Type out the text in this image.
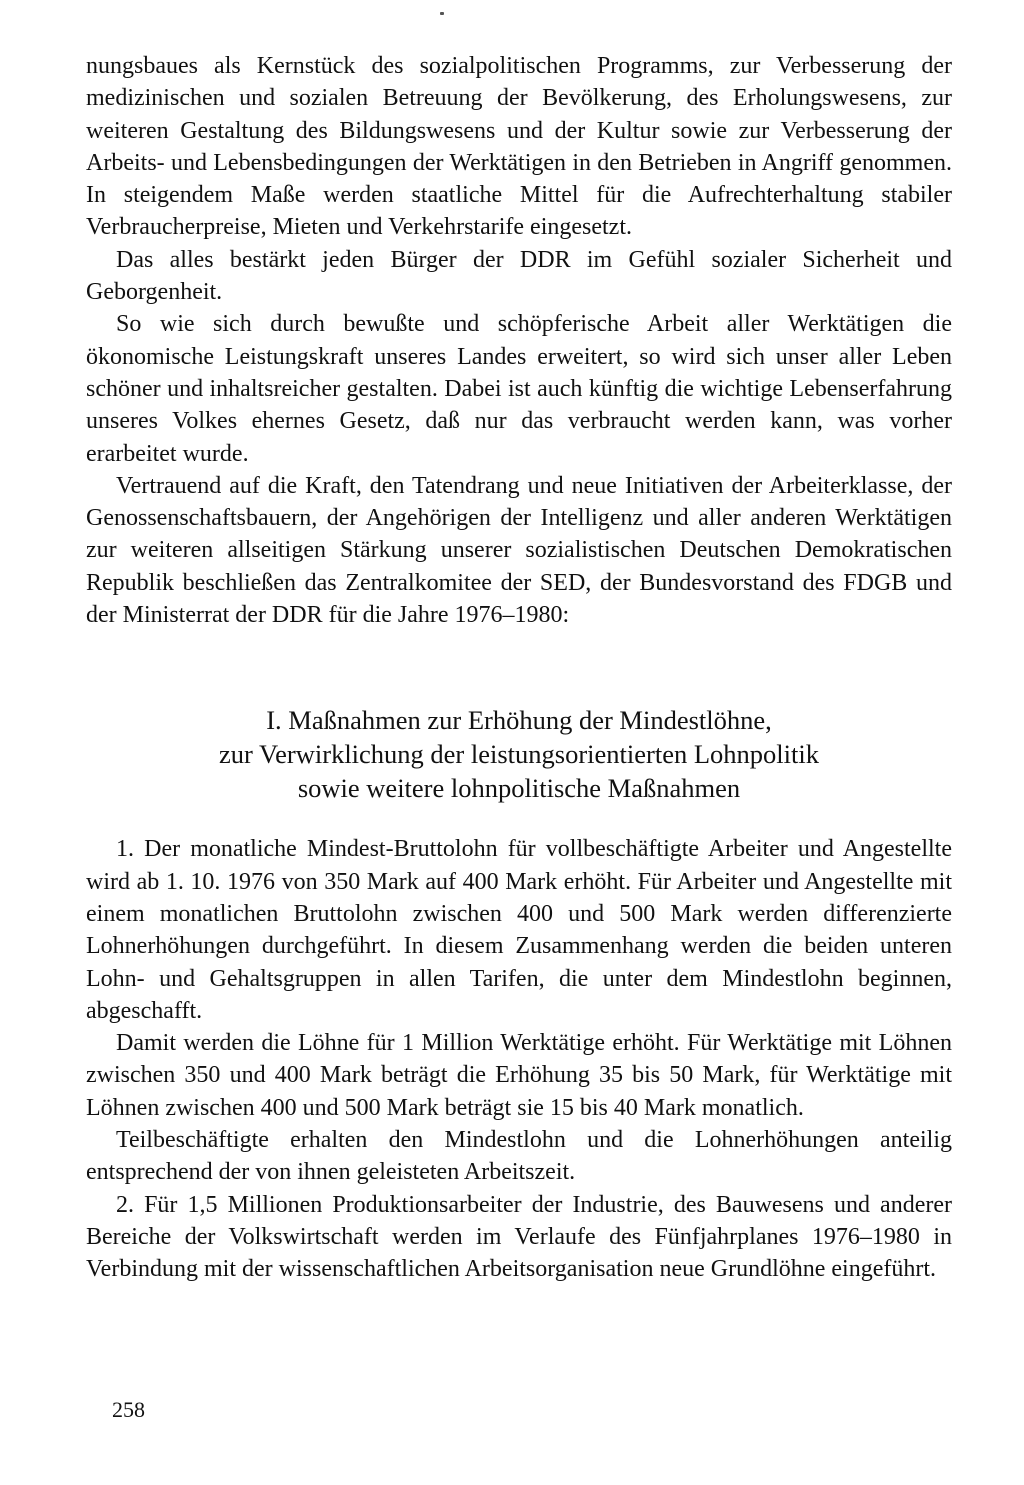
nungsbaues als Kernstück des sozialpolitischen Programms, zur Verbesserung der medizinischen und sozialen Betreuung der Bevölkerung, des Erholungswesens, zur weiteren Gestaltung des Bildungswesens und der Kultur sowie zur Verbesserung der Arbeits- und Lebensbedingungen der Werktätigen in den Betrieben in Angriff genommen. In steigendem Maße werden staatliche Mittel für die Aufrechterhaltung stabiler Verbraucherpreise, Mieten und Verkehrstarife eingesetzt.

Das alles bestärkt jeden Bürger der DDR im Gefühl sozialer Sicherheit und Geborgenheit.

So wie sich durch bewußte und schöpferische Arbeit aller Werktätigen die ökonomische Leistungskraft unseres Landes erweitert, so wird sich unser aller Leben schöner und inhaltsreicher gestalten. Dabei ist auch künftig die wichtige Lebenserfahrung unseres Volkes ehernes Gesetz, daß nur das verbraucht werden kann, was vorher erarbeitet wurde.

Vertrauend auf die Kraft, den Tatendrang und neue Initiativen der Arbeiterklasse, der Genossenschaftsbauern, der Angehörigen der Intelligenz und aller anderen Werktätigen zur weiteren allseitigen Stärkung unserer sozialistischen Deutschen Demokratischen Republik beschließen das Zentralkomitee der SED, der Bundesvorstand des FDGB und der Ministerrat der DDR für die Jahre 1976–1980:

I. Maßnahmen zur Erhöhung der Mindestlöhne,
zur Verwirklichung der leistungsorientierten Lohnpolitik
sowie weitere lohnpolitische Maßnahmen

1. Der monatliche Mindest-Bruttolohn für vollbeschäftigte Arbeiter und Angestellte wird ab 1. 10. 1976 von 350 Mark auf 400 Mark erhöht. Für Arbeiter und Angestellte mit einem monatlichen Bruttolohn zwischen 400 und 500 Mark werden differenzierte Lohnerhöhungen durchgeführt. In diesem Zusammenhang werden die beiden unteren Lohn- und Gehaltsgruppen in allen Tarifen, die unter dem Mindestlohn beginnen, abgeschafft.

Damit werden die Löhne für 1 Million Werktätige erhöht. Für Werktätige mit Löhnen zwischen 350 und 400 Mark beträgt die Erhöhung 35 bis 50 Mark, für Werktätige mit Löhnen zwischen 400 und 500 Mark beträgt sie 15 bis 40 Mark monatlich.

Teilbeschäftigte erhalten den Mindestlohn und die Lohnerhöhungen anteilig entsprechend der von ihnen geleisteten Arbeitszeit.

2. Für 1,5 Millionen Produktionsarbeiter der Industrie, des Bauwesens und anderer Bereiche der Volkswirtschaft werden im Verlaufe des Fünfjahrplanes 1976–1980 in Verbindung mit der wissenschaftlichen Arbeitsorganisation neue Grundlöhne eingeführt.

258
